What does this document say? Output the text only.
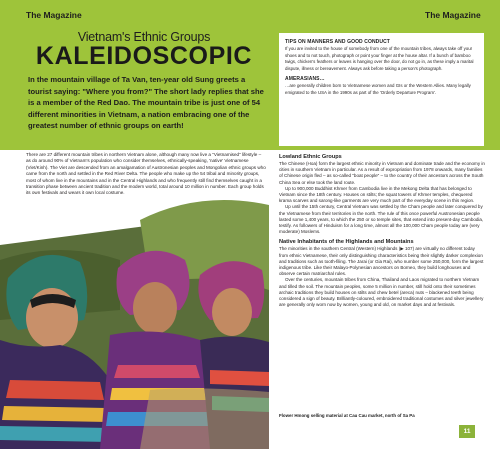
The Magazine	The Magazine
Vietnam's Ethnic Groups
KALEIDOSCOPIC
In the mountain village of Ta Van, ten-year old Sung greets a tourist saying: "Where you from?" The short lady replies that she is a member of the Red Dao. The mountain tribe is just one of 54 different minorities in Vietnam, a nation embracing one of the greatest number of ethnic groups on earth!
TIPS ON MANNERS AND GOOD CONDUCT
If you are invited to the house of somebody from one of the mountain tribes, always take off your shoes and to not touch, photograph or point your finger at the house altar. If a bunch of bamboo twigs, chicken's feathers or leaves is hanging over the door, do not go in, as these imply a marital dispute, illness or bereavement. Always ask before taking a person's photograph.
AMERASIANS…
…are generally children born to Vietnamese women and GIs or the Western Allies. Many legally emigrated to the USA in the 1990s as part of the 'Orderly Departure Program'.
There are 27 different mountain tribes in northern Vietnam alone, although many now live a "Vietnamised" lifestyle – as do around 90% of Vietnam's population who consider themselves, ethnically-speaking, 'native' Vietnamese (Viet/Kinh). The Viet are descended from an amalgamation of Austronesian peoples and Mongolian ethnic groups who came from the north and settled in the Red River Delta. The people who make up the 54 tribal and minority groups, most of whom live in the mountains and in the Central Highlands and who frequently still find themselves caught in a transition phase between ancient tradition and the modern world, total around 10 million in number. Each group holds its own festivals and wears it own local costume.
Lowland Ethnic Groups

The Chinese (Hoa) form the largest ethnic minority in Vietnam and dominate trade and the economy in cities in southern Vietnam in particular. As a result of expropriation from 1978 onwards, many families of Chinese origin fled – as so-called "boat people" – to the country of their ancestors across the South China Sea or else took the land route.

Up to 900,000 Buddhist Khmer from Cambodia live in the Mekong Delta that has belonged to Vietnam since the 18th century. Houses on stilts; the squat towers of Khmer temples, chequered krama scarves and sarong-like garments are very much part of the everyday scene in this region.

Up until the 15th century, Central Vietnam was settled by the Cham people and later conquered by the Vietnamese from their territories in the north. The rule of this once powerful Austronesian people lasted some 1,400 years, to which the 250 or so temple sites, that extend into present-day Cambodia, testify. As followers of Hinduism for a long time, almost all the 100,000 Cham people today are (very moderate) Moslems.

Native Inhabitants of the Highlands and Mountains

The minorities in the southern Central (Western) Highlands (▶ 107) are virtually no different today from ethnic Vietnamese, their only distinguishing characteristics being their slightly darker complexion and traditions such as tooth-filing. The Jarai (or Gia Rai), who number some 250,000, form the largest indigenous tribe. Like their Malayo-Polynesian ancestors on Borneo, they build longhouses and observe certain matriarchal rules.

Over the centuries, mountain tribes from China, Thailand and Laos migrated to northern Vietnam and tilled the soil. The mountain peoples, some 5 million in number, still hold onto their sometimes archaic traditions they build houses on stilts and chew betel (areca) nuts – blackened teeth being considered a sign of beauty. Brilliantly-coloured, embroidered traditional costumes and silver jewellery are generally only worn now by women, young and old, on market days and at festivals.

Flower Hmong selling material at Cau Cau market, north of Sa Pa
11
